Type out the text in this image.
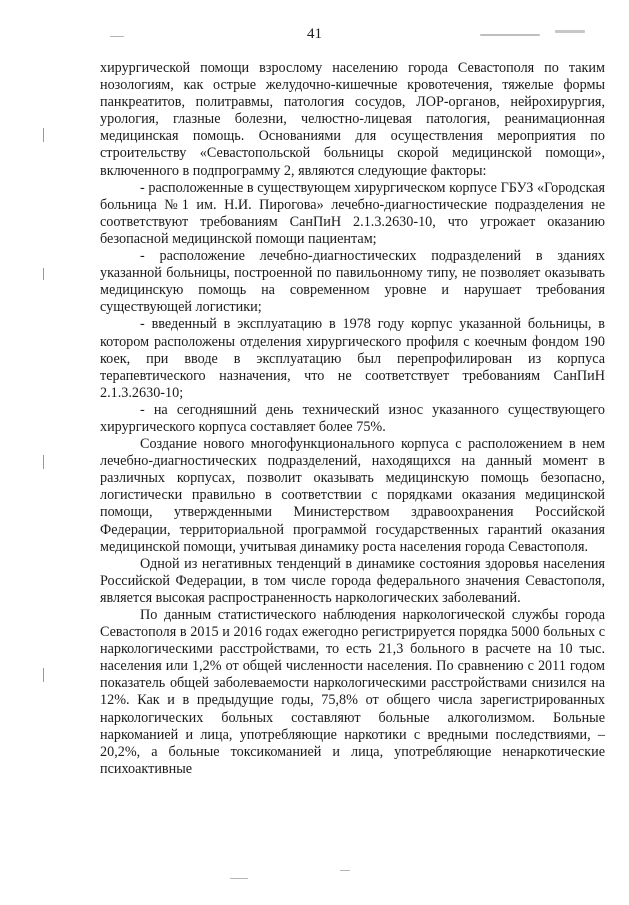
41

хирургической помощи взрослому населению города Севастополя по таким нозологиям, как острые желудочно-кишечные кровотечения, тяжелые формы панкреатитов, политравмы, патология сосудов, ЛОР-органов, нейрохирургия, урология, глазные болезни, челюстно-лицевая патология, реанимационная медицинская помощь. Основаниями для осуществления мероприятия по строительству «Севастопольской больницы скорой медицинской помощи», включенного в подпрограмму 2, являются следующие факторы:

- расположенные в существующем хирургическом корпусе ГБУЗ «Городская больница №1 им. Н.И. Пирогова» лечебно-диагностические подразделения не соответствуют требованиям СанПиН 2.1.3.2630-10, что угрожает оказанию безопасной медицинской помощи пациентам;

- расположение лечебно-диагностических подразделений в зданиях указанной больницы, построенной по павильонному типу, не позволяет оказывать медицинскую помощь на современном уровне и нарушает требования существующей логистики;

- введенный в эксплуатацию в 1978 году корпус указанной больницы, в котором расположены отделения хирургического профиля с коечным фондом 190 коек, при вводе в эксплуатацию был перепрофилирован из корпуса терапевтического назначения, что не соответствует требованиям СанПиН 2.1.3.2630-10;

- на сегодняшний день технический износ указанного существующего хирургического корпуса составляет более 75%.

Создание нового многофункционального корпуса с расположением в нем лечебно-диагностических подразделений, находящихся на данный момент в различных корпусах, позволит оказывать медицинскую помощь безопасно, логистически правильно в соответствии с порядками оказания медицинской помощи, утвержденными Министерством здравоохранения Российской Федерации, территориальной программой государственных гарантий оказания медицинской помощи, учитывая динамику роста населения города Севастополя.

Одной из негативных тенденций в динамике состояния здоровья населения Российской Федерации, в том числе города федерального значения Севастополя, является высокая распространенность наркологических заболеваний.

По данным статистического наблюдения наркологической службы города Севастополя в 2015 и 2016 годах ежегодно регистрируется порядка 5000 больных с наркологическими расстройствами, то есть 21,3 больного в расчете на 10 тыс. населения или 1,2% от общей численности населения. По сравнению с 2011 годом показатель общей заболеваемости наркологическими расстройствами снизился на 12%. Как и в предыдущие годы, 75,8% от общего числа зарегистрированных наркологических больных составляют больные алкоголизмом. Больные наркоманией и лица, употребляющие наркотики с вредными последствиями, – 20,2%, а больные токсикоманией и лица, употребляющие ненаркотические психоактивные
